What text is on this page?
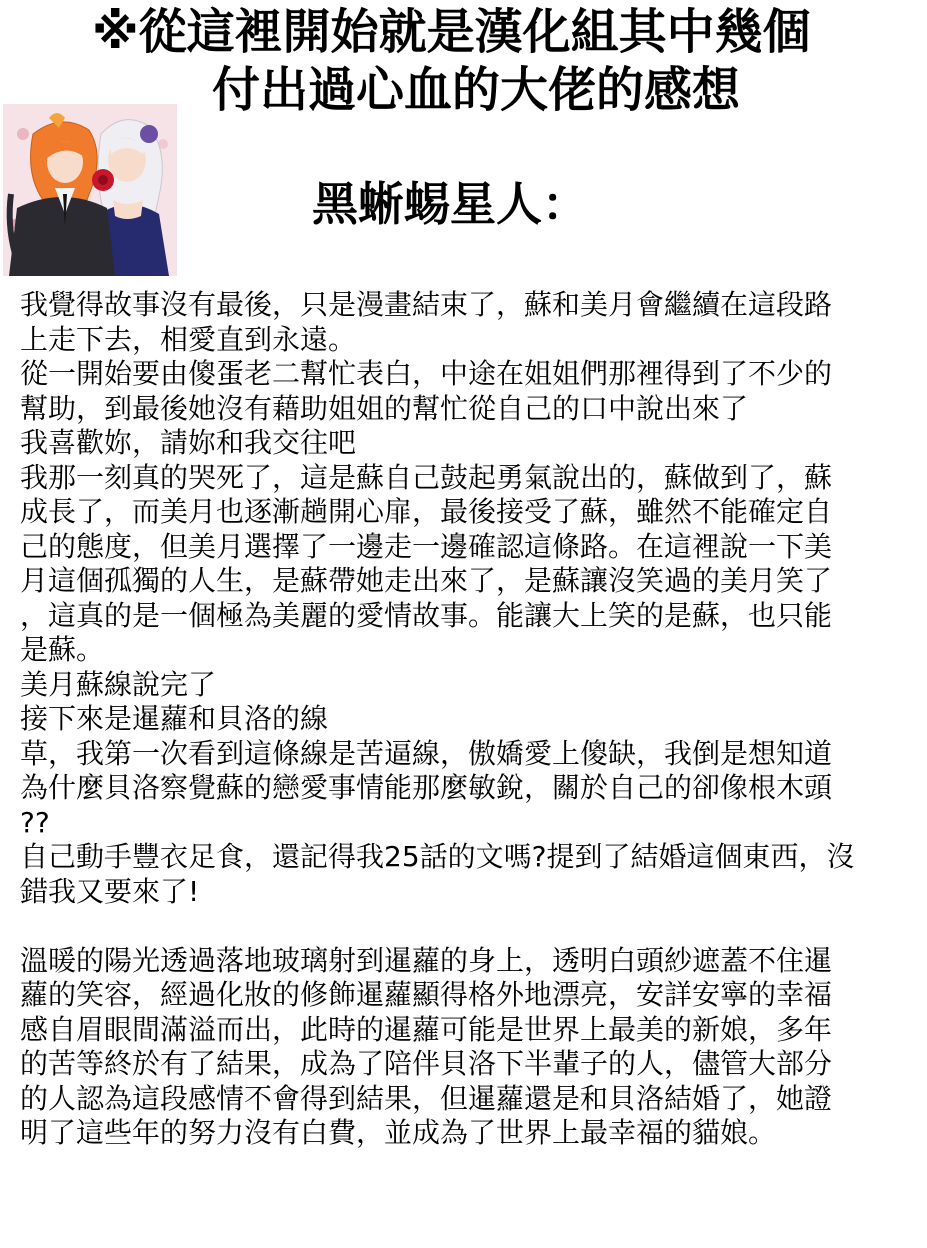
※從這裡開始就是漢化組其中幾個
付出過心血的大佬的感想
黑蜥蜴星人：
我覺得故事沒有最後，只是漫畫結束了，蘇和美月會繼續在這段路
上走下去，相愛直到永遠。
從一開始要由傻蛋老二幫忙表白，中途在姐姐們那裡得到了不少的
幫助，到最後她沒有藉助姐姐的幫忙從自己的口中說出來了
我喜歡妳，請妳和我交往吧
我那一刻真的哭死了，這是蘇自己鼓起勇氣說出的，蘇做到了，蘇
成長了，而美月也逐漸趟開心扉，最後接受了蘇，雖然不能確定自
己的態度，但美月選擇了一邊走一邊確認這條路。在這裡說一下美
月這個孤獨的人生，是蘇帶她走出來了，是蘇讓沒笑過的美月笑了
，這真的是一個極為美麗的愛情故事。能讓大上笑的是蘇，也只能
是蘇。
美月蘇線說完了
接下來是暹蘿和貝洛的線
草，我第一次看到這條線是苦逼線，傲嬌愛上傻缺，我倒是想知道
為什麼貝洛察覺蘇的戀愛事情能那麼敏銳，關於自己的卻像根木頭
??
自己動手豐衣足食，還記得我25話的文嗎?提到了結婚這個東西，沒
錯我又要來了!
溫暖的陽光透過落地玻璃射到暹蘿的身上，透明白頭紗遮蓋不住暹
蘿的笑容，經過化妝的修飾暹蘿顯得格外地漂亮，安詳安寧的幸福
感自眉眼間滿溢而出，此時的暹蘿可能是世界上最美的新娘，多年
的苦等終於有了結果，成為了陪伴貝洛下半輩子的人，儘管大部分
的人認為這段感情不會得到結果，但暹蘿還是和貝洛結婚了，她證
明了這些年的努力沒有白費，並成為了世界上最幸福的貓娘。
